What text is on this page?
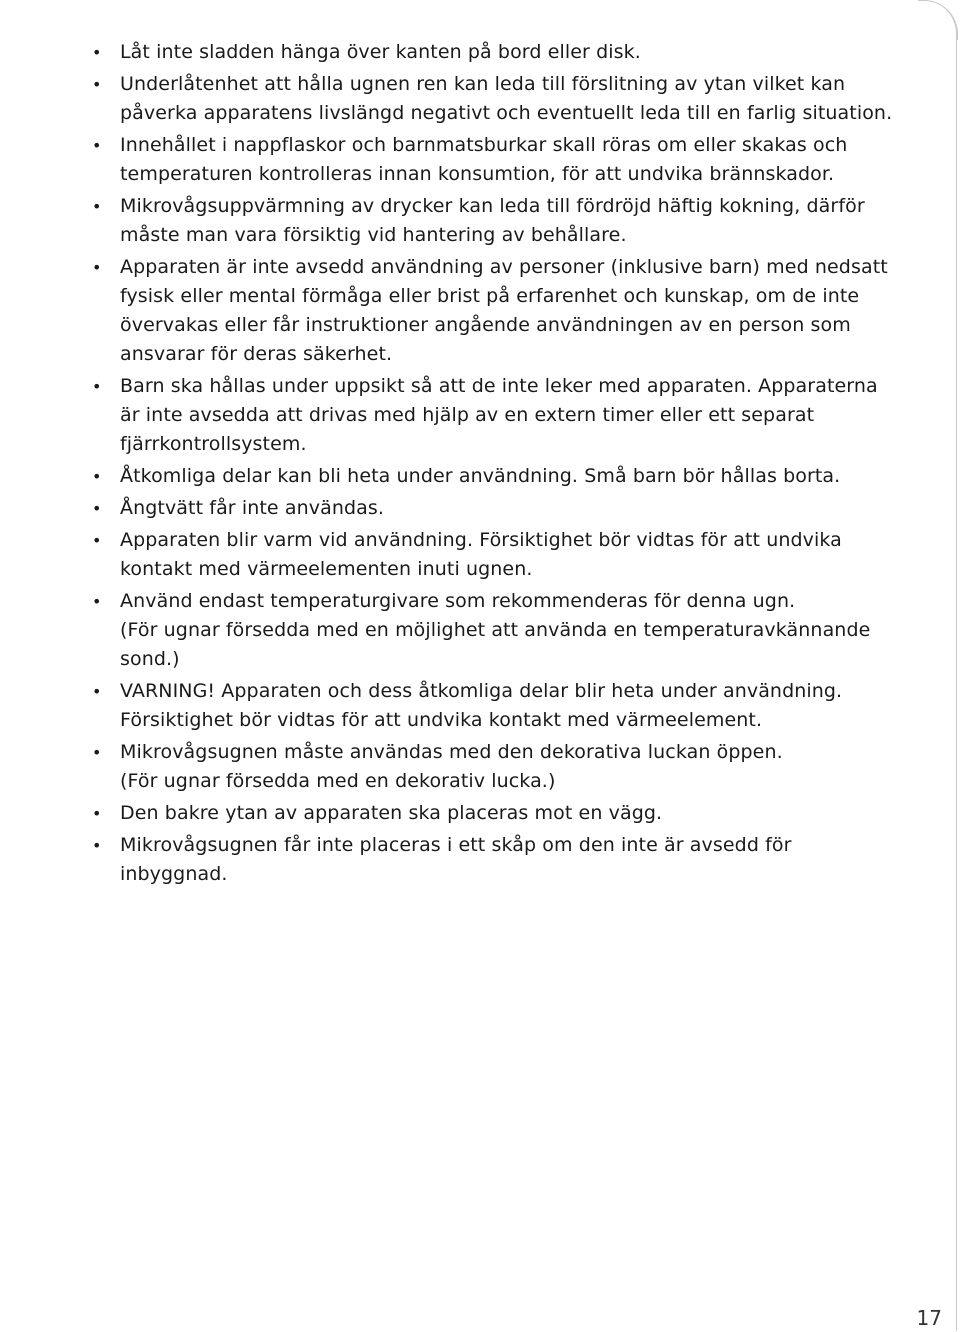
• Låt inte sladden hänga över kanten på bord eller disk.
• Underlåtenhet att hålla ugnen ren kan leda till förslitning av ytan vilket kan
påverka apparatens livslängd negativt och eventuellt leda till en farlig situation.
• Innehållet i nappflaskor och barnmatsburkar skall röras om eller skakas och
temperaturen kontrolleras innan konsumtion, för att undvika brännskador.
• Mikrovågsuppvärmning av drycker kan leda till fördröjd häftig kokning, därför
måste man vara försiktig vid hantering av behållare.
• Apparaten är inte avsedd användning av personer (inklusive barn) med nedsatt
fysisk eller mental förmåga eller brist på erfarenhet och kunskap, om de inte
övervakas eller får instruktioner angående användningen av en person som
ansvarar för deras säkerhet.
• Barn ska hållas under uppsikt så att de inte leker med apparaten. Apparaterna
är inte avsedda att drivas med hjälp av en extern timer eller ett separat
fjärrkontrollsystem.
• Åtkomliga delar kan bli heta under användning. Små barn bör hållas borta.
• Ångtvätt får inte användas.
• Apparaten blir varm vid användning. Försiktighet bör vidtas för att undvika
kontakt med värmeelementen inuti ugnen.
• Använd endast temperaturgivare som rekommenderas för denna ugn.
(För ugnar försedda med en möjlighet att använda en temperaturavkännande
sond.)
• VARNING! Apparaten och dess åtkomliga delar blir heta under användning.
Försiktighet bör vidtas för att undvika kontakt med värmeelement.
• Mikrovågsugnen måste användas med den dekorativa luckan öppen.
(För ugnar försedda med en dekorativ lucka.)
• Den bakre ytan av apparaten ska placeras mot en vägg.
• Mikrovågsugnen får inte placeras i ett skåp om den inte är avsedd för
inbyggnad.
17
